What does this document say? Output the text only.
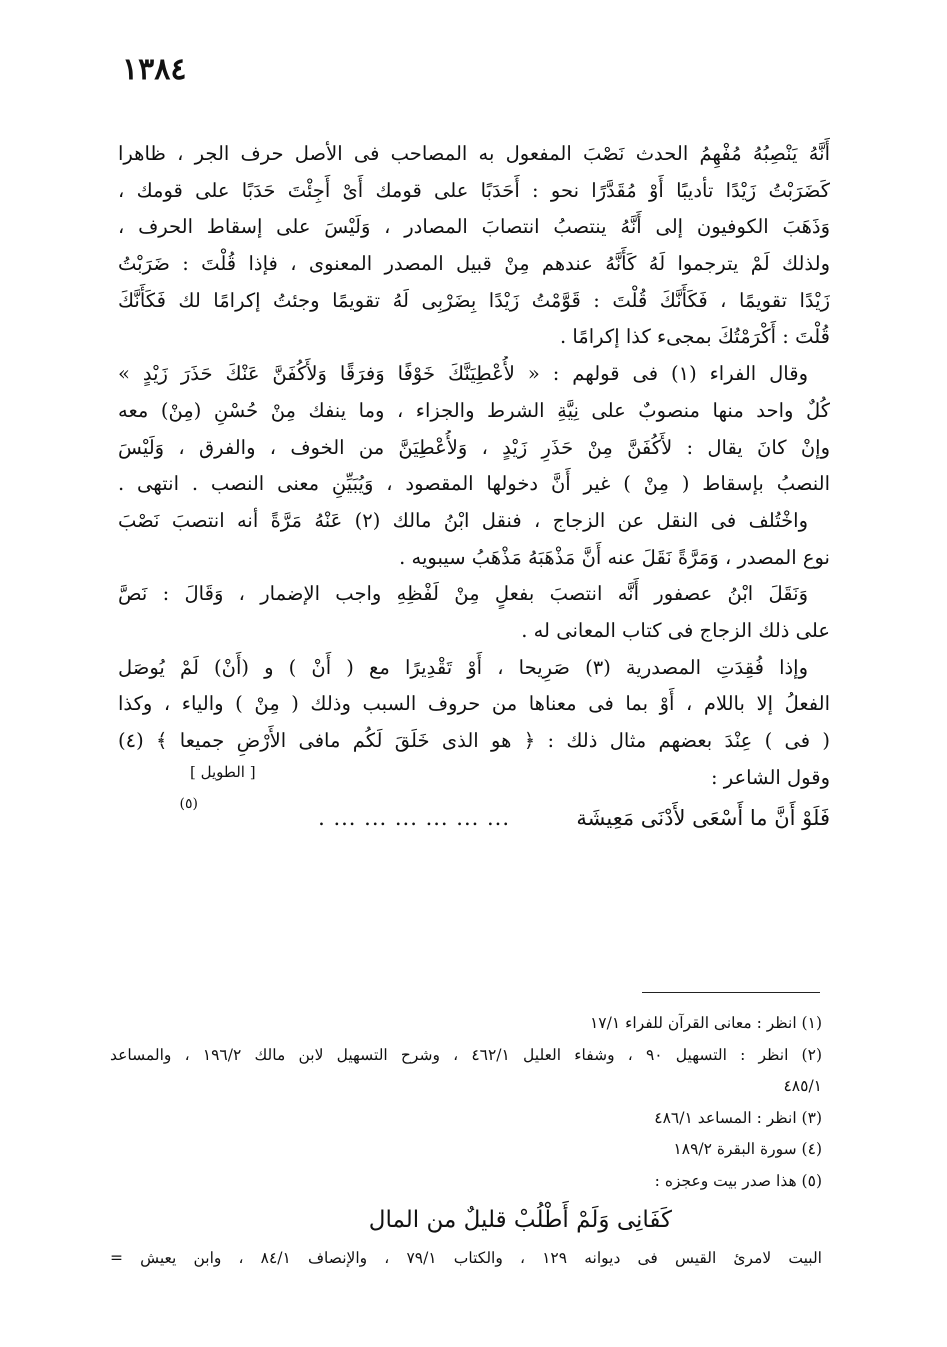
١٣٨٤
أَنَّهُ يَنْصِبُهُ مُفْهِمُ الحدث نَصْبَ المفعول به المصاحب فى الأصل حرف الجر ، ظاهرا
كَضَرَبْتُ زَيْدًا تأديبًا أَوْ مُقَدَّرًا نحو : أَحَدَبًا على قومك أَىْ أَجِئْتَ حَدَبًا على قومك ،
وَذَهَبَ الكوفيون إلى أَنَّهُ ينتصبُ انتصابَ المصادر ، وَلَيْسَ على إسقاط الحرف ،
ولذلك لَمْ يترجموا لَهُ كَأَنَّهُ عندهم مِنْ قبيل المصدر المعنوى ، فإذا قُلْتَ : ضَرَبْتُ
زَيْدًا تقويمًا ، فَكَأَنَّكَ قُلْتَ : قَوَّمْتُ زَيْدًا بِضَرْبِى لَهُ تقويمًا وجئتُ إكرامًا لك فَكَأَنَّكَ
قُلْتَ : أَكْرَمْتُكَ بمجىء كذا إكرامًا .
وقال الفراء (١) فى قولهم : « لأُعْطِيَنَّكَ خَوْفًا وَفرَقًا وَلأَكُفَنَّ عَنْكَ حَذَرَ زَيْدٍ »
كُلٌ واحد منها منصوبٌ على نِيَّةِ الشرط والجزاء ، وما ينفك مِنْ حُسْنِ (مِنْ) معه
وإنْ كانَ يقال : لأَكُفَنَّ مِنْ حَذَرِ زَيْدٍ ، وَلأُعْطِيَنَّ من الخوف ، والفرق ، وَلَيْسَ
النصبُ بإسقاط ( مِنْ ) غير أَنَّ دخولها المقصود ، وَيُبَيِّنِ معنى النصب . انتهى .
واخْتُلف فى النقل عن الزجاج ، فنقل ابْنُ مالك (٢) عَنْهُ مَرَّةً أنه انتصبَ نَصْبَ
نوع المصدر ، وَمَرَّةً نَقَلَ عنه أَنَّ مَذْهَبَهُ مَذْهَبُ سيبويه .
وَنَقَلَ ابْنُ عصفور أَنَّه انتصبَ بفعلٍ مِنْ لَفْظِهِ واجب الإضمار ، وَقَالَ : نَصَّ
على ذلك الزجاج فى كتاب المعانى له .
وإذا فُقِدَتِ المصدرية (٣) صَرِيحا ، أَوْ تَقْدِيرًا مع ( أَنْ ) و (أَنْ) لَمْ يُوصَل
الفعلُ إلا باللام ، أَوْ بما فى معناها من حروف السبب وذلك ( مِنْ ) والياء ، وكذا
( فى ) عِنْدَ بعضهم مثال ذلك : ﴿ هو الذى خَلَقَ لَكُم مافى الأَرْضِ جميعا ﴾ (٤)
وقول الشاعر :
[ الطويل ]
فَلَوْ أَنَّ ما أَسْعَى لأَدْنَى مَعِيشَة
... ... ... ... ... ... .
(٥)
(١) انظر : معانى القرآن للفراء ١٧/١
(٢) انظر : التسهيل ٩٠ ، وشفاء العليل ٤٦٢/١ ، وشرح التسهيل لابن مالك ١٩٦/٢ ، والمساعد
٤٨٥/١
(٣) انظر : المساعد ٤٨٦/١
(٤) سورة البقرة ١٨٩/٢
(٥) هذا صدر بيت وعجزه :
كَفَانِى وَلَمْ أَطْلُبْ قليلٌ من المال
البيت لامرئ القيس فى ديوانه ١٢٩ ، والكتاب ٧٩/١ ، والإنصاف ٨٤/١ ، وابن يعيش =
